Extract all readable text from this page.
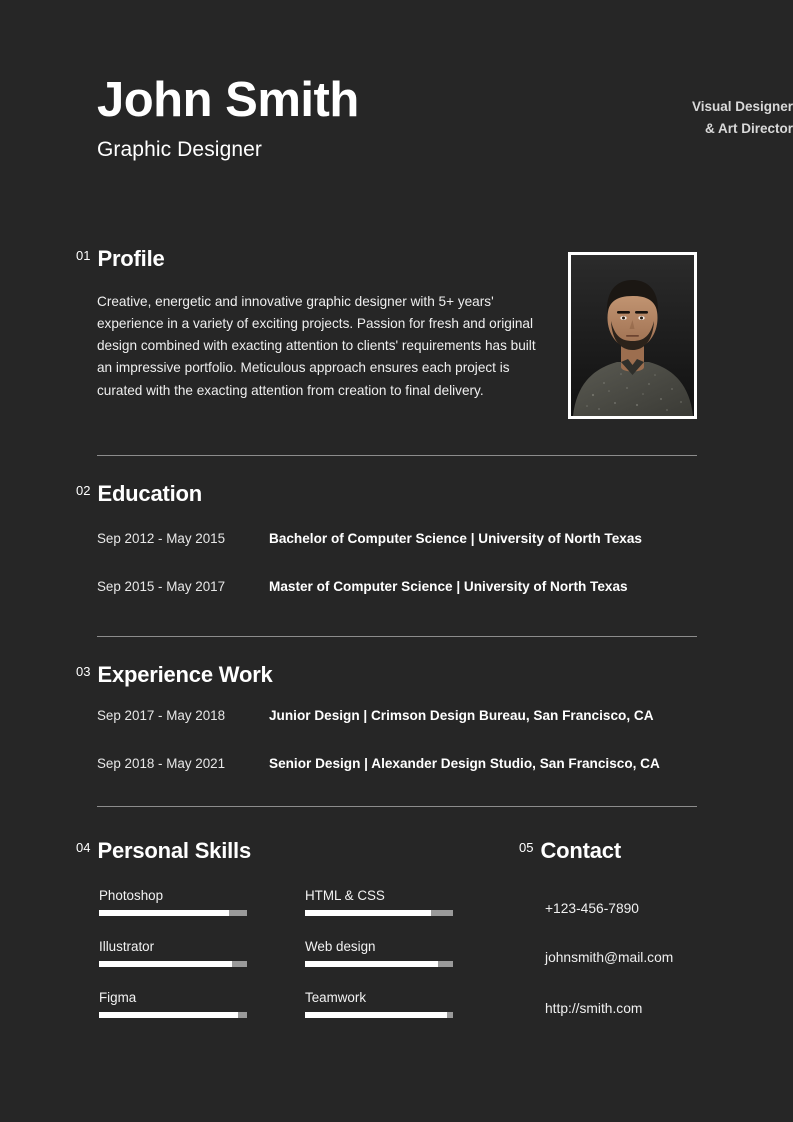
John Smith
Graphic Designer
Visual Designer
& Art Director
01 Profile
Creative, energetic and innovative graphic designer with 5+ years' experience in a variety of exciting projects. Passion for fresh and original design combined with exacting attention to clients' requirements has built an impressive portfolio. Meticulous approach ensures each project is curated with the exacting attention from creation to final delivery.
02 Education
Sep 2012 - May 2015	Bachelor of Computer Science | University of North Texas
Sep 2015 - May 2017	Master of Computer Science | University of North Texas
03 Experience Work
Sep 2017 - May 2018	Junior Design | Crimson Design Bureau, San Francisco, CA
Sep 2018 - May 2021	Senior Design | Alexander Design Studio, San Francisco, CA
04 Personal Skills
Photoshop
Illustrator
Figma
HTML & CSS
Web design
Teamwork
05 Contact
+123-456-7890
johnsmith@mail.com
http://smith.com
